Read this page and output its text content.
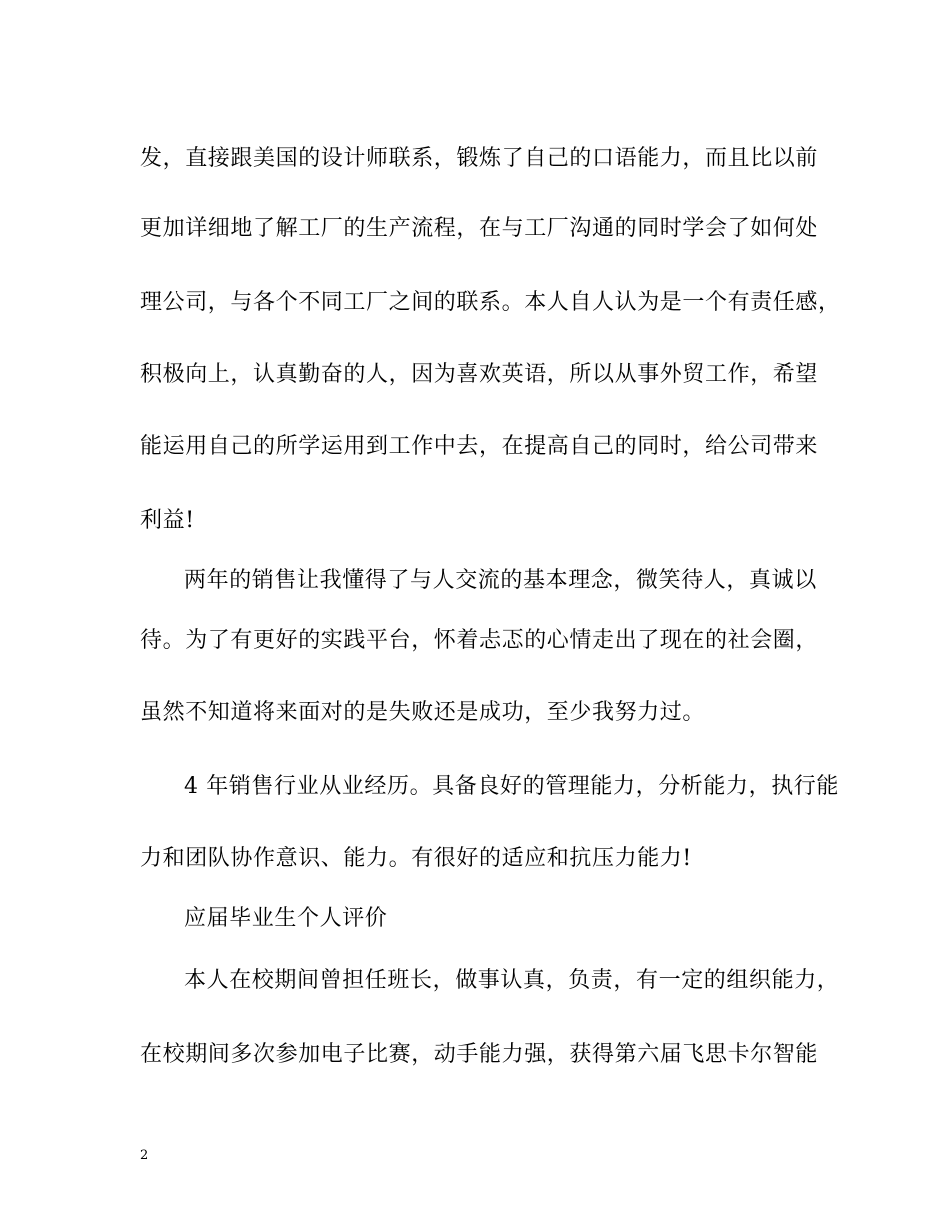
发，直接跟美国的设计师联系，锻炼了自己的口语能力，而且比以前
更加详细地了解工厂的生产流程，在与工厂沟通的同时学会了如何处
理公司，与各个不同工厂之间的联系。本人自人认为是一个有责任感，
积极向上，认真勤奋的人，因为喜欢英语，所以从事外贸工作，希望
能运用自己的所学运用到工作中去，在提高自己的同时，给公司带来
利益!
两年的销售让我懂得了与人交流的基本理念，微笑待人，真诚以
待。为了有更好的实践平台，怀着忐忑的心情走出了现在的社会圈，
虽然不知道将来面对的是失败还是成功，至少我努力过。
4 年销售行业从业经历。具备良好的管理能力，分析能力，执行能
力和团队协作意识、能力。有很好的适应和抗压力能力!
应届毕业生个人评价
本人在校期间曾担任班长，做事认真，负责，有一定的组织能力，
在校期间多次参加电子比赛，动手能力强，获得第六届飞思卡尔智能
2
